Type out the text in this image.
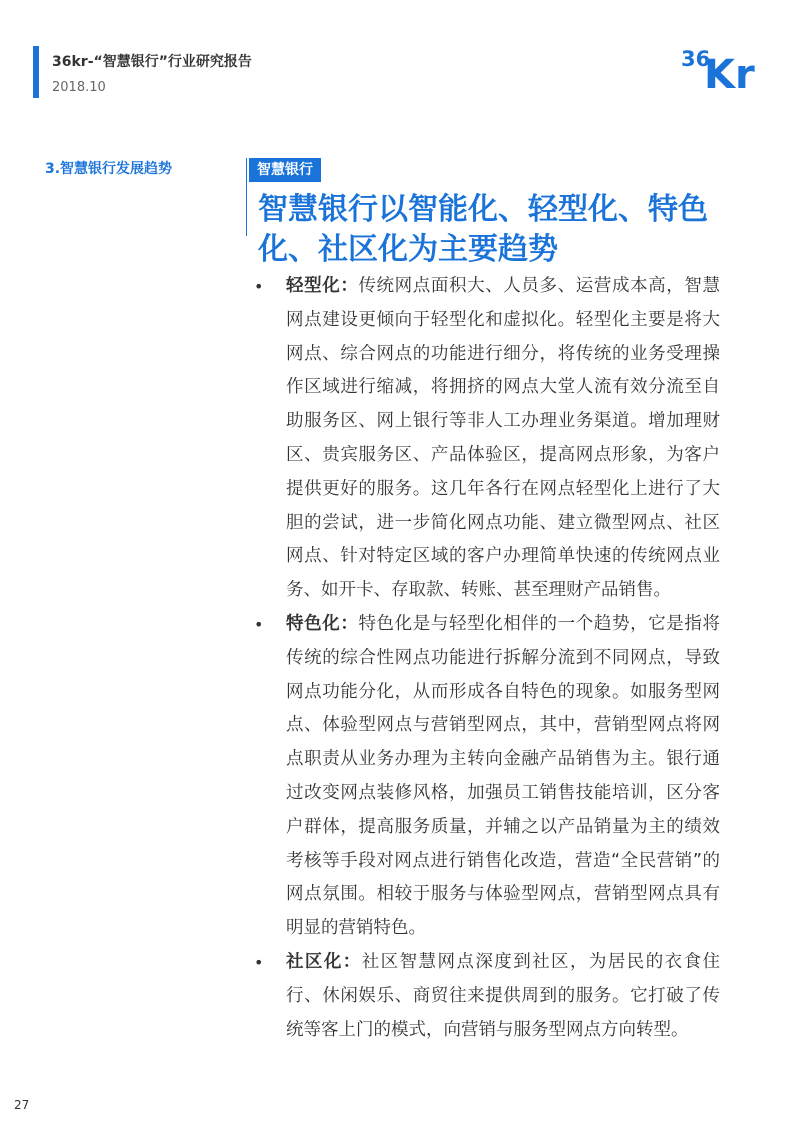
36kr-“智慧银行”行业研究报告
2018.10
36
Kr
3.智慧银行发展趋势	智慧银行
智慧银行以智能化、轻型化、特色化、社区化为主要趋势
• 轻型化：传统网点面积大、人员多、运营成本高，智慧网点建设更倾向于轻型化和虚拟化。轻型化主要是将大网点、综合网点的功能进行细分，将传统的业务受理操作区域进行缩减，将拥挤的网点大堂人流有效分流至自助服务区、网上银行等非人工办理业务渠道。增加理财区、贵宾服务区、产品体验区，提高网点形象，为客户提供更好的服务。这几年各行在网点轻型化上进行了大胆的尝试，进一步简化网点功能、建立微型网点、社区网点、针对特定区域的客户办理简单快速的传统网点业务、如开卡、存取款、转账、甚至理财产品销售。
• 特色化：特色化是与轻型化相伴的一个趋势，它是指将传统的综合性网点功能进行拆解分流到不同网点，导致网点功能分化，从而形成各自特色的现象。如服务型网点、体验型网点与营销型网点，其中，营销型网点将网点职责从业务办理为主转向金融产品销售为主。银行通过改变网点装修风格，加强员工销售技能培训，区分客户群体，提高服务质量，并辅之以产品销量为主的绩效考核等手段对网点进行销售化改造，营造“全民营销”的网点氛围。相较于服务与体验型网点，营销型网点具有明显的营销特色。
• 社区化：社区智慧网点深度到社区，为居民的衣食住行、休闲娱乐、商贸往来提供周到的服务。它打破了传统等客上门的模式，向营销与服务型网点方向转型。
27
